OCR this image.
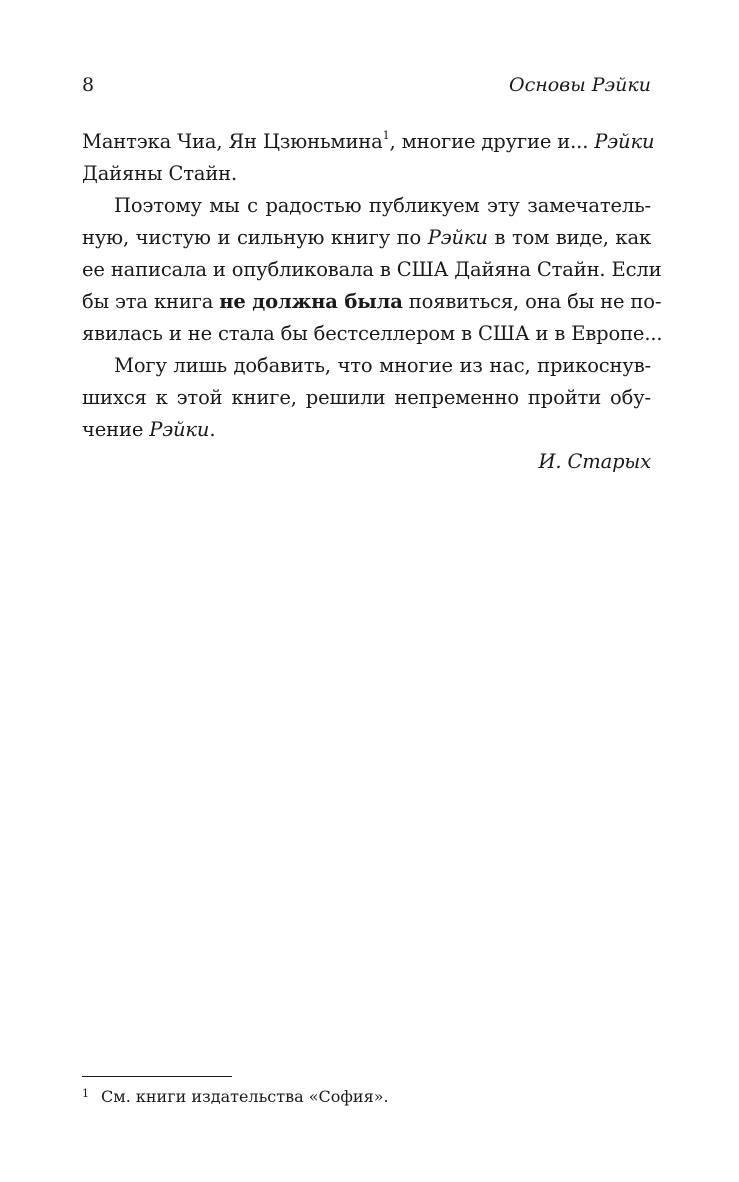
8	Основы Рэйки
Мантэка Чиа, Ян Цзюньмина$^1$, многие другие и... Рэйки
Дайяны Стайн.
Поэтому мы с радостью публикуем эту замечатель-
ную, чистую и сильную книгу по Рэйки в том виде, как
ее написала и опубликовала в США Дайяна Стайн. Если
бы эта книга не должна была появиться, она бы не по-
явилась и не стала бы бестселлером в США и в Европе...
Могу лишь добавить, что многие из нас, прикоснув-
шихся к этой книге, решили непременно пройти обу-
чение Рэйки.
И. Старых
$^1$ См. книги издательства «София».
